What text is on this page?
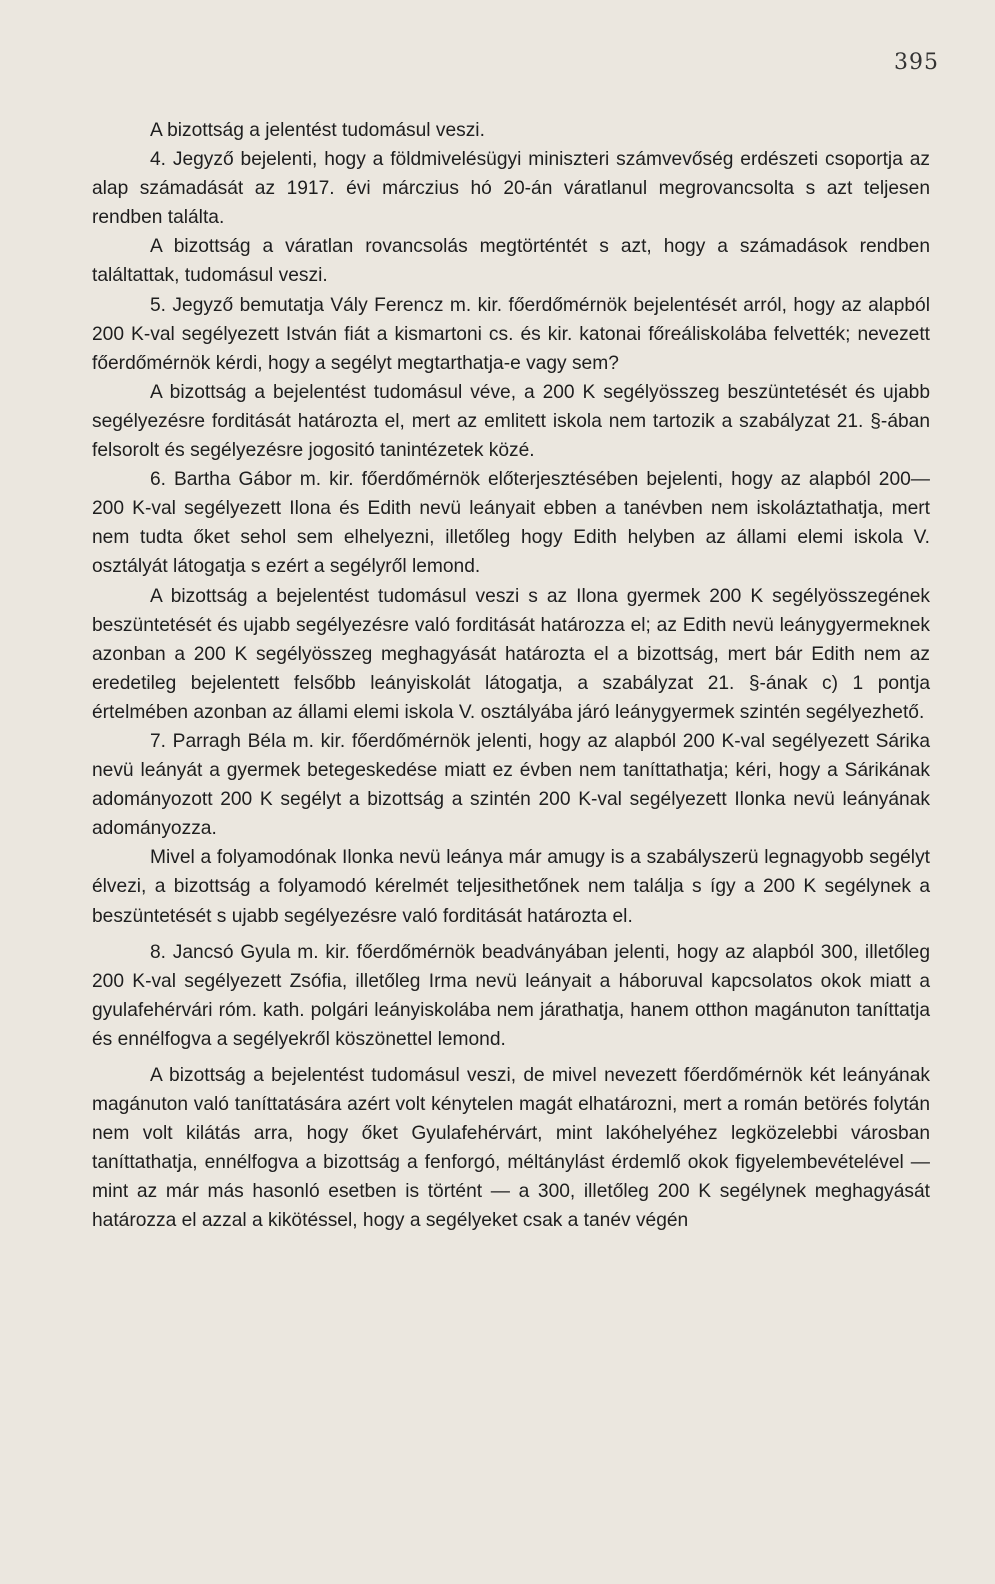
395

A bizottság a jelentést tudomásul veszi.

4. Jegyző bejelenti, hogy a földmivelésügyi miniszteri számvevőség erdészeti csoportja az alap számadását az 1917. évi márczius hó 20-án váratlanul megrovancsolta s azt teljesen rendben találta.

A bizottság a váratlan rovancsolás megtörténtét s azt, hogy a számadások rendben találtattak, tudomásul veszi.

5. Jegyző bemutatja Vály Ferencz m. kir. főerdőmérnök bejelentését arról, hogy az alapból 200 K-val segélyezett István fiát a kismartoni cs. és kir. katonai főreáliskolába felvették; nevezett főerdőmérnök kérdi, hogy a segélyt megtarthatja-e vagy sem?

A bizottság a bejelentést tudomásul véve, a 200 K segélyösszeg beszüntetését és ujabb segélyezésre forditását határozta el, mert az emlitett iskola nem tartozik a szabályzat 21. §-ában felsorolt és segélyezésre jogositó tanintézetek közé.

6. Bartha Gábor m. kir. főerdőmérnök előterjesztésében bejelenti, hogy az alapból 200—200 K-val segélyezett Ilona és Edith nevü leányait ebben a tanévben nem iskoláztathatja, mert nem tudta őket sehol sem elhelyezni, illetőleg hogy Edith helyben az állami elemi iskola V. osztályát látogatja s ezért a segélyről lemond.

A bizottság a bejelentést tudomásul veszi s az Ilona gyermek 200 K segélyösszegének beszüntetését és ujabb segélyezésre való forditását határozza el; az Edith nevü leánygyermeknek azonban a 200 K segélyösszeg meghagyását határozta el a bizottság, mert bár Edith nem az eredetileg bejelentett felsőbb leányiskolát látogatja, a szabályzat 21. §-ának c) 1 pontja értelmében azonban az állami elemi iskola V. osztályába járó leánygyermek szintén segélyezhető.

7. Parragh Béla m. kir. főerdőmérnök jelenti, hogy az alapból 200 K-val segélyezett Sárika nevü leányát a gyermek betegeskedése miatt ez évben nem taníttathatja; kéri, hogy a Sárikának adományozott 200 K segélyt a bizottság a szintén 200 K-val segélyezett Ilonka nevü leányának adományozza.

Mivel a folyamodónak Ilonka nevü leánya már amugy is a szabályszerü legnagyobb segélyt élvezi, a bizottság a folyamodó kérelmét teljesithetőnek nem találja s így a 200 K segélynek a beszüntetését s ujabb segélyezésre való forditását határozta el.

8. Jancsó Gyula m. kir. főerdőmérnök beadványában jelenti, hogy az alapból 300, illetőleg 200 K-val segélyezett Zsófia, illetőleg Irma nevü leányait a háboruval kapcsolatos okok miatt a gyulafehérvári róm. kath. polgári leányiskolába nem járathatja, hanem otthon magánuton taníttatja és ennélfogva a segélyekről köszönettel lemond.

A bizottság a bejelentést tudomásul veszi, de mivel nevezett főerdőmérnök két leányának magánuton való taníttatására azért volt kénytelen magát elhatározni, mert a román betörés folytán nem volt kilátás arra, hogy őket Gyulafehérvárt, mint lakóhelyéhez legközelebbi városban taníttathatja, ennélfogva a bizottság a fenforgó, méltánylást érdemlő okok figyelembevételével — mint az már más hasonló esetben is történt — a 300, illetőleg 200 K segélynek meghagyását határozza el azzal a kikötéssel, hogy a segélyeket csak a tanév végén
